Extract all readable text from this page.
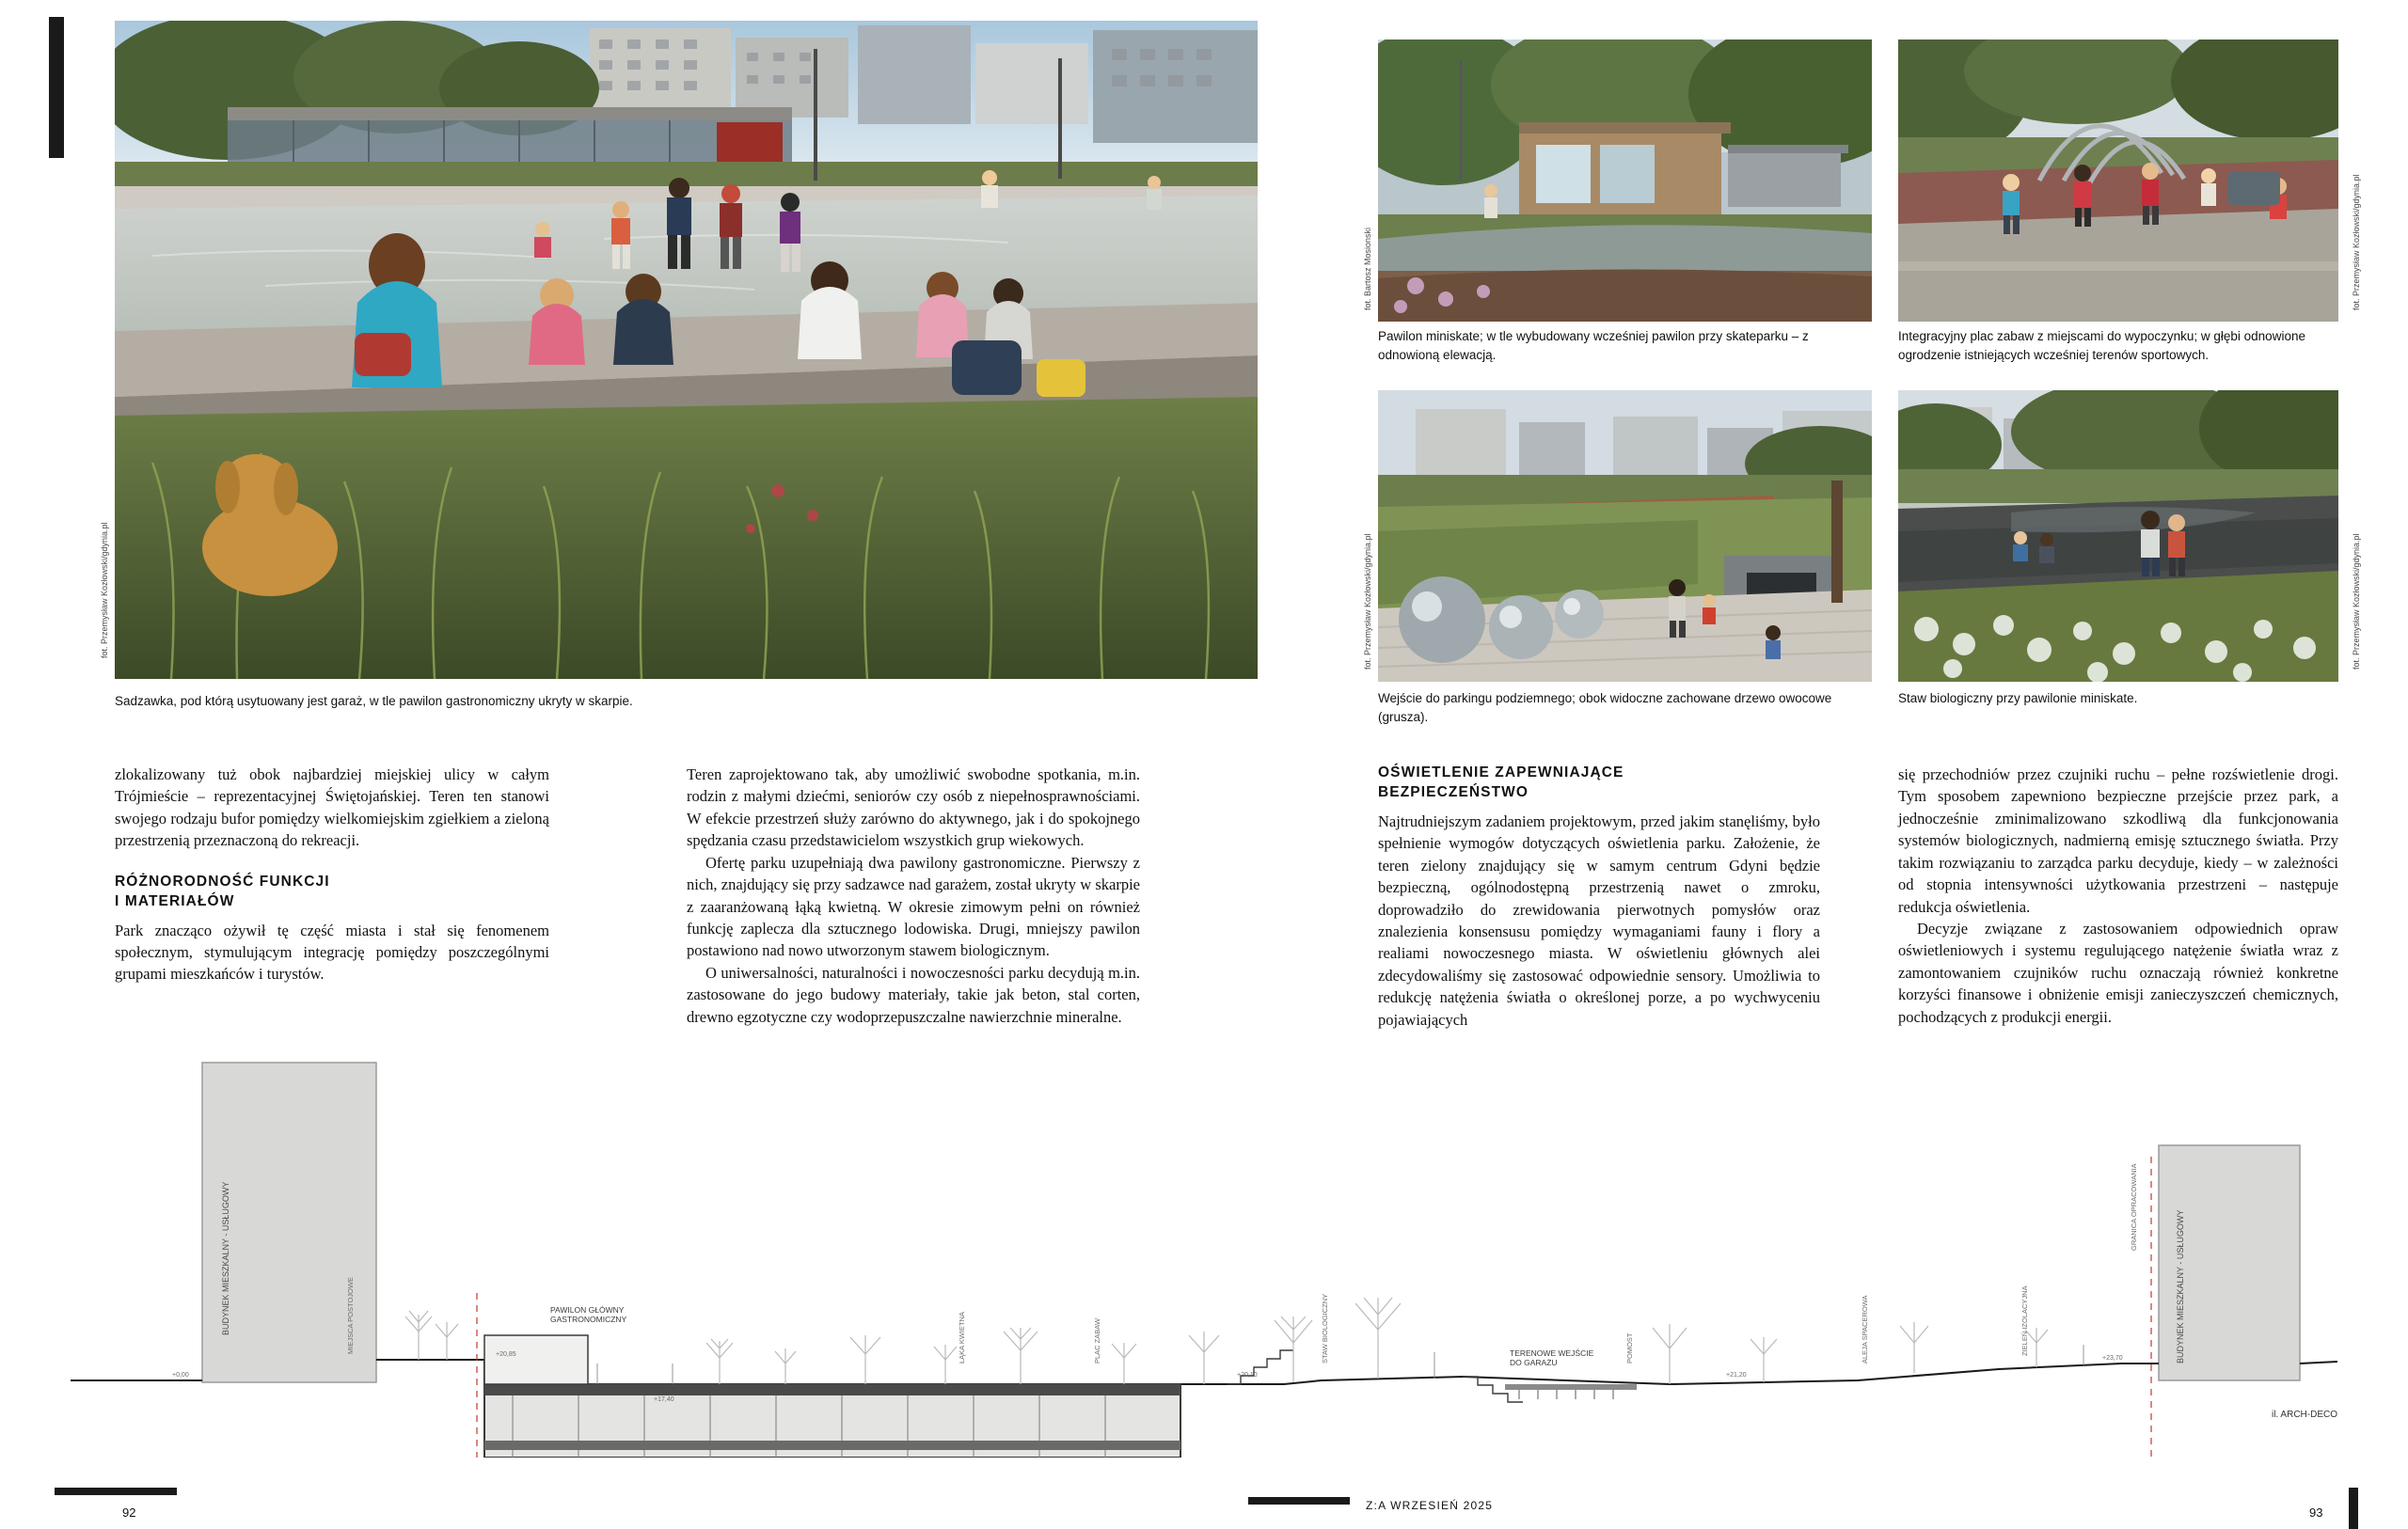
REGENERACJA
fot. Przemysław Kozłowski/gdynia.pl
Sadzawka, pod którą usytuowany jest garaż, w tle pawilon gastronomiczny ukryty w skarpie.
fot. Bartosz Mosionski
Pawilon miniskate; w tle wybudowany wcześniej pawilon przy skateparku – z odnowioną elewacją.
fot. Przemysław Kozłowski/gdynia.pl
Integracyjny plac zabaw z miejscami do wypoczynku; w głębi odnowione ogrodzenie istniejących wcześniej terenów sportowych.
fot. Przemysław Kozłowski/gdynia.pl
Wejście do parkingu podziemnego; obok widoczne zachowane drzewo owocowe (grusza).
fot. Przemysław Kozłowski/gdynia.pl
Staw biologiczny przy pawilonie miniskate.

zlokalizowany tuż obok najbardziej miejskiej ulicy w całym Trójmieście – reprezentacyjnej Świętojańskiej. Teren ten stanowi swojego rodzaju bufor pomiędzy wielkomiejskim zgiełkiem a zieloną przestrzenią przeznaczoną do rekreacji.

RÓŻNORODNOŚĆ FUNKCJI
I MATERIAŁÓW

Park znacząco ożywił tę część miasta i stał się fenomenem społecznym, stymulującym integrację pomiędzy poszczególnymi grupami mieszkańców i turystów.

Teren zaprojektowano tak, aby umożliwić swobodne spotkania, m.in. rodzin z małymi dziećmi, seniorów czy osób z niepełnosprawnościami. W efekcie przestrzeń służy zarówno do aktywnego, jak i do spokojnego spędzania czasu przedstawicielom wszystkich grup wiekowych.

Ofertę parku uzupełniają dwa pawilony gastronomiczne. Pierwszy z nich, znajdujący się przy sadzawce nad garażem, został ukryty w skarpie z zaaranżowaną łąką kwietną. W okresie zimowym pełni on również funkcję zaplecza dla sztucznego lodowiska. Drugi, mniejszy pawilon postawiono nad nowo utworzonym stawem biologicznym.

O uniwersalności, naturalności i nowoczesności parku decydują m.in. zastosowane do jego budowy materiały, takie jak beton, stal corten, drewno egzotyczne czy wodoprzepuszczalne nawierzchnie mineralne.

OŚWIETLENIE ZAPEWNIAJĄCE
BEZPIECZEŃSTWO

Najtrudniejszym zadaniem projektowym, przed jakim stanęliśmy, było spełnienie wymogów dotyczących oświetlenia parku. Założenie, że teren zielony znajdujący się w samym centrum Gdyni będzie bezpieczną, ogólnodostępną przestrzenią nawet o zmroku, doprowadziło do zrewidowania pierwotnych pomysłów oraz znalezienia konsensusu pomiędzy wymaganiami fauny i flory a realiami nowoczesnego miasta. W oświetleniu głównych alei zdecydowaliśmy się zastosować odpowiednie sensory. Umożliwia to redukcję natężenia światła o określonej porze, a po wychwyceniu pojawiających

się przechodniów przez czujniki ruchu – pełne rozświetlenie drogi. Tym sposobem zapewniono bezpieczne przejście przez park, a jednocześnie zminimalizowano szkodliwą dla funkcjonowania systemów biologicznych, nadmierną emisję sztucznego światła. Przy takim rozwiązaniu to zarządca parku decyduje, kiedy – w zależności od stopnia intensywności użytkowania przestrzeni – następuje redukcja oświetlenia.

Decyzje związane z zastosowaniem odpowiednich opraw oświetleniowych i systemu regulującego natężenie światła wraz z zamontowaniem czujników ruchu oznaczają również konkretne korzyści finansowe i obniżenie emisji zanieczyszczeń chemicznych, pochodzących z produkcji energii.

BUDYNEK MIESZKALNY - USŁUGOWY	BUDYNEK MIESZKALNY - USŁUGOWY
PAWILON GŁÓWNY
GASTRONOMICZNY
TERENOWE WEJŚCIE
DO GARAŻU
+0,00
+20,85
+17,40
+20,10	+21,20
+23,70
GRANICA OPRACOWANIA
ŁĄKA KWIETNA	PLAC ZABAW	STAW BIOLOGICZNY	POMOSТ	ALEJA SPACEROWA	ZIELEŃ IZOLACYJNA
MIEJSCA POSTOJOWE
il. ARCH-DECO
92	Z:A WRZESIEŃ 2025	93
